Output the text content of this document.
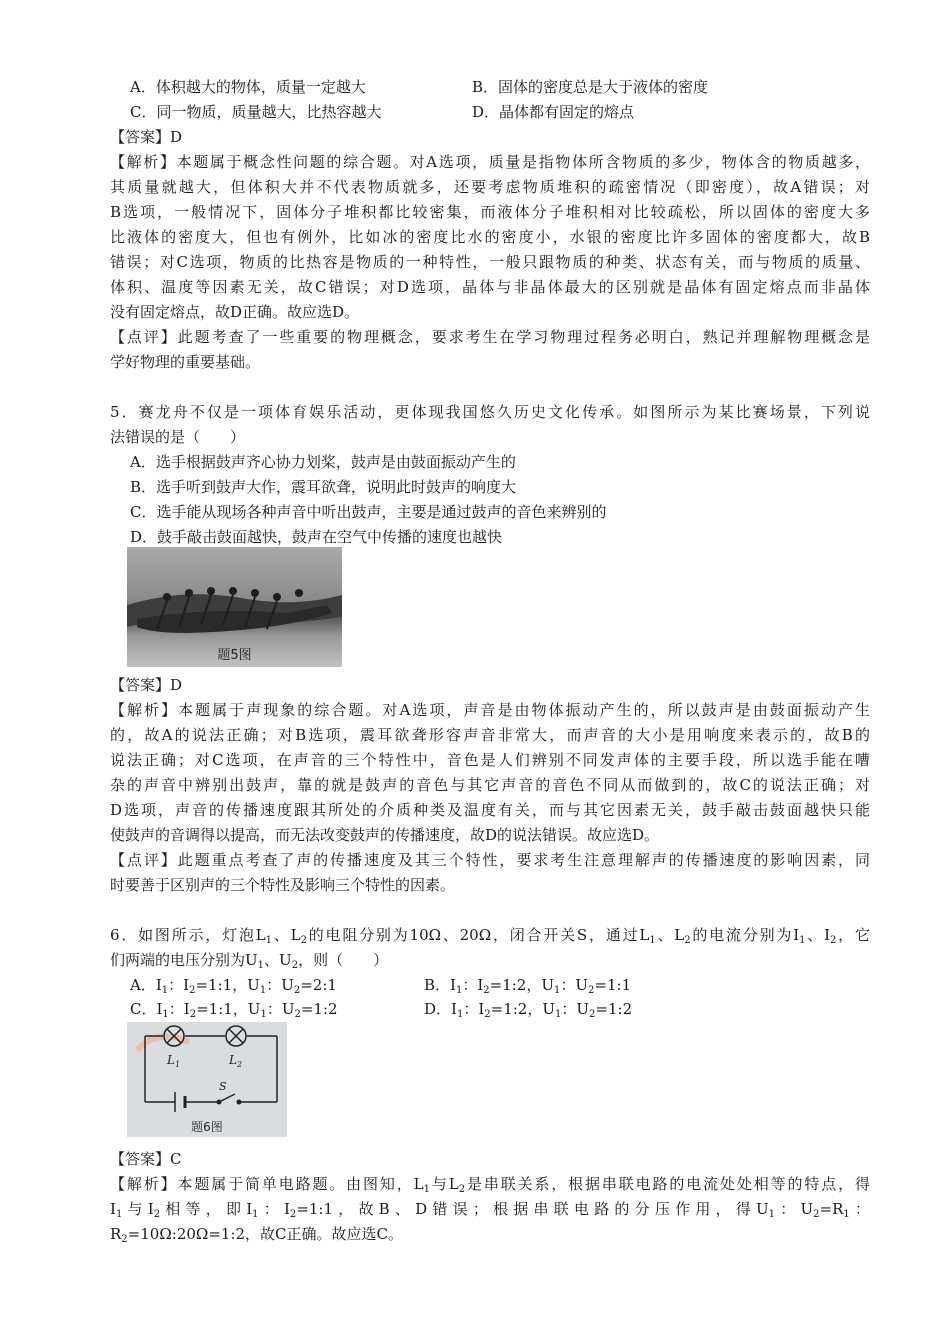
A．体积越大的物体，质量一定越大	B．固体的密度总是大于液体的密度
C．同一物质，质量越大，比热容越大	D．晶体都有固定的熔点
【答案】D
【解析】本题属于概念性问题的综合题。对A选项，质量是指物体所含物质的多少，物体含的物质越多，
其质量就越大，但体积大并不代表物质就多，还要考虑物质堆积的疏密情况（即密度），故A错误；对
B选项，一般情况下，固体分子堆积都比较密集，而液体分子堆积相对比较疏松，所以固体的密度大多
比液体的密度大，但也有例外，比如冰的密度比水的密度小，水银的密度比许多固体的密度都大，故B
错误；对C选项，物质的比热容是物质的一种特性，一般只跟物质的种类、状态有关，而与物质的质量、
体积、温度等因素无关，故C错误；对D选项，晶体与非晶体最大的区别就是晶体有固定熔点而非晶体
没有固定熔点，故D正确。故应选D。
【点评】此题考查了一些重要的物理概念，要求考生在学习物理过程务必明白，熟记并理解物理概念是
学好物理的重要基础。
5．赛龙舟不仅是一项体育娱乐活动，更体现我国悠久历史文化传承。如图所示为某比赛场景，下列说
法错误的是（　　）
A．选手根据鼓声齐心协力划桨，鼓声是由鼓面振动产生的
B．选手听到鼓声大作，震耳欲聋，说明此时鼓声的响度大
C．选手能从现场各种声音中听出鼓声，主要是通过鼓声的音色来辨别的
D．鼓手敲击鼓面越快，鼓声在空气中传播的速度也越快
题5图
【答案】D
【解析】本题属于声现象的综合题。对A选项，声音是由物体振动产生的，所以鼓声是由鼓面振动产生
的，故A的说法正确；对B选项，震耳欲聋形容声音非常大，而声音的大小是用响度来表示的，故B的
说法正确；对C选项，在声音的三个特性中，音色是人们辨别不同发声体的主要手段，所以选手能在嘈
杂的声音中辨别出鼓声，靠的就是鼓声的音色与其它声音的音色不同从而做到的，故C的说法正确；对
D选项，声音的传播速度跟其所处的介质种类及温度有关，而与其它因素无关，鼓手敲击鼓面越快只能
使鼓声的音调得以提高，而无法改变鼓声的传播速度，故D的说法错误。故应选D。
【点评】此题重点考查了声的传播速度及其三个特性，要求考生注意理解声的传播速度的影响因素，同
时要善于区别声的三个特性及影响三个特性的因素。
6．如图所示，灯泡$L_1$、$L_2$的电阻分别为10Ω、20Ω，闭合开关S，通过$L_1$、$L_2$的电流分别为$I_1$、$I_2$，它
们两端的电压分别为$U_1$、$U_2$，则（　　）
A．$I_1$：$I_2=1:1$，$U_1$：$U_2=2:1$	B．$I_1$：$I_2=1:2$，$U_1$：$U_2=1:1$
C．$I_1$：$I_2=1:1$，$U_1$：$U_2=1:2$	D．$I_1$：$I_2=1:2$，$U_1$：$U_2=1:2$
$L_1$	$L_2$
S
题6图
【答案】C
【解析】本题属于简单电路题。由图知，$L_1$与$L_2$是串联关系，根据串联电路的电流处处相等的特点，得
$I_1$与$I_2$相等，即$I_1$：$I_2=1:1$，故B、D错误；根据串联电路的分压作用，得$U_1$：$U_2=R_1$：
$R_2=10\Omega:20\Omega=1:2$，故C正确。故应选C。
